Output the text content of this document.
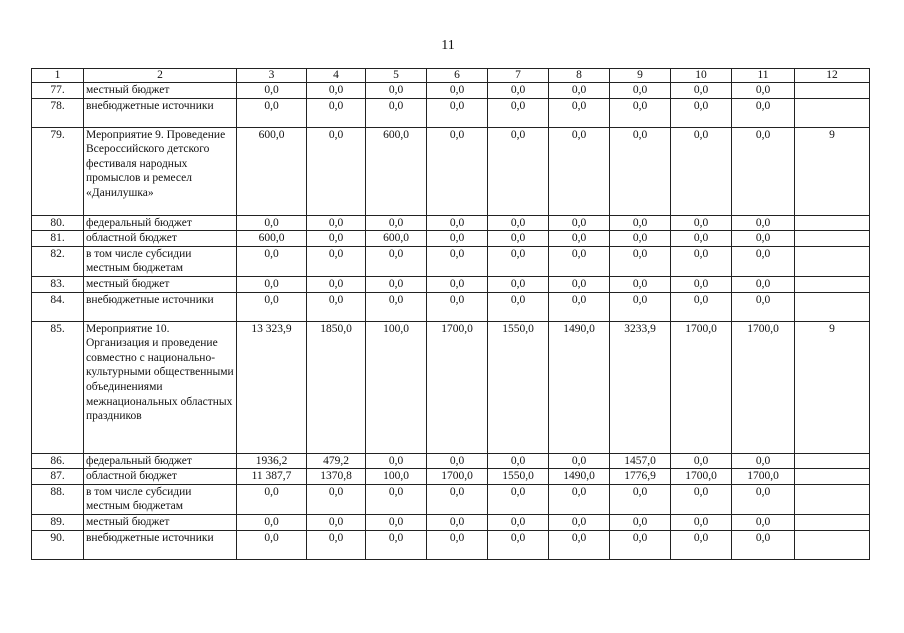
11
1	2	3	4	5	6	7	8	9	10	11	12
77.	местный бюджет	0,0	0,0	0,0	0,0	0,0	0,0	0,0	0,0	0,0	
78.	внебюджетные источники	0,0	0,0	0,0	0,0	0,0	0,0	0,0	0,0	0,0	
79.	Мероприятие 9. Проведение Всероссийского детского фестиваля народных промыслов и ремесел «Данилушка»	600,0	0,0	600,0	0,0	0,0	0,0	0,0	0,0	0,0	9
80.	федеральный бюджет	0,0	0,0	0,0	0,0	0,0	0,0	0,0	0,0	0,0	
81.	областной бюджет	600,0	0,0	600,0	0,0	0,0	0,0	0,0	0,0	0,0	
82.	в том числе субсидии местным бюджетам	0,0	0,0	0,0	0,0	0,0	0,0	0,0	0,0	0,0	
83.	местный бюджет	0,0	0,0	0,0	0,0	0,0	0,0	0,0	0,0	0,0	
84.	внебюджетные источники	0,0	0,0	0,0	0,0	0,0	0,0	0,0	0,0	0,0	
85.	Мероприятие 10. Организация и проведение совместно с национально-культурными общественными объединениями межнациональных областных праздников	13 323,9	1850,0	100,0	1700,0	1550,0	1490,0	3233,9	1700,0	1700,0	9
86.	федеральный бюджет	1936,2	479,2	0,0	0,0	0,0	0,0	1457,0	0,0	0,0	
87.	областной бюджет	11 387,7	1370,8	100,0	1700,0	1550,0	1490,0	1776,9	1700,0	1700,0	
88.	в том числе субсидии местным бюджетам	0,0	0,0	0,0	0,0	0,0	0,0	0,0	0,0	0,0	
89.	местный бюджет	0,0	0,0	0,0	0,0	0,0	0,0	0,0	0,0	0,0	
90.	внебюджетные источники	0,0	0,0	0,0	0,0	0,0	0,0	0,0	0,0	0,0	
